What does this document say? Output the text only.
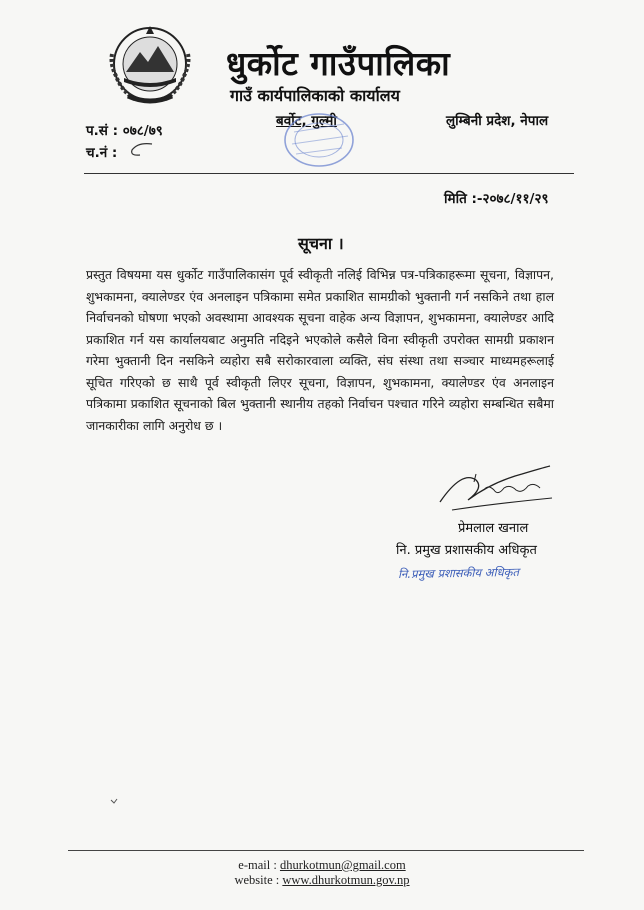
धुर्कोट गाउँपालिका
गाउँ कार्यपालिकाको कार्यालय
बर्वोट, गुल्मी	लुम्बिनी प्रदेश, नेपाल
प.सं : ०७८/७९
च.नं :
मिति :-२०७८/११/२९
सूचना ।
प्रस्तुत विषयमा यस धुर्कोट गाउँपालिकासंग पूर्व स्वीकृती नलिई विभिन्न पत्र-पत्रिकाहरूमा सूचना, विज्ञापन, शुभकामना, क्यालेण्डर एंव अनलाइन पत्रिकामा समेत प्रकाशित सामग्रीको भुक्तानी गर्न नसकिने तथा हाल निर्वाचनको घोषणा भएको अवस्थामा आवश्यक सूचना वाहेक अन्य विज्ञापन, शुभकामना, क्यालेण्डर आदि प्रकाशित गर्न यस कार्यालयबाट अनुमति नदिइने भएकोले कसैले विना स्वीकृती उपरोक्त सामग्री प्रकाशन गरेमा भुक्तानी दिन नसकिने व्यहोरा सबै सरोकारवाला व्यक्ति, संघ संस्था तथा सञ्चार माध्यमहरूलाई सूचित गरिएको छ साथै पूर्व स्वीकृती लिएर सूचना, विज्ञापन, शुभकामना, क्यालेण्डर एंव अनलाइन पत्रिकामा प्रकाशित सूचनाको बिल भुक्तानी स्थानीय तहको निर्वाचन पश्चात गरिने व्यहोरा सम्बन्धित सबैमा जानकारीका लागि अनुरोध छ ।
प्रेमलाल खनाल
नि. प्रमुख प्रशासकीय अधिकृत
नि.प्रमुख प्रशासकीय अधिकृत
e-mail : dhurkotmun@gmail.com
website : www.dhurkotmun.gov.np
